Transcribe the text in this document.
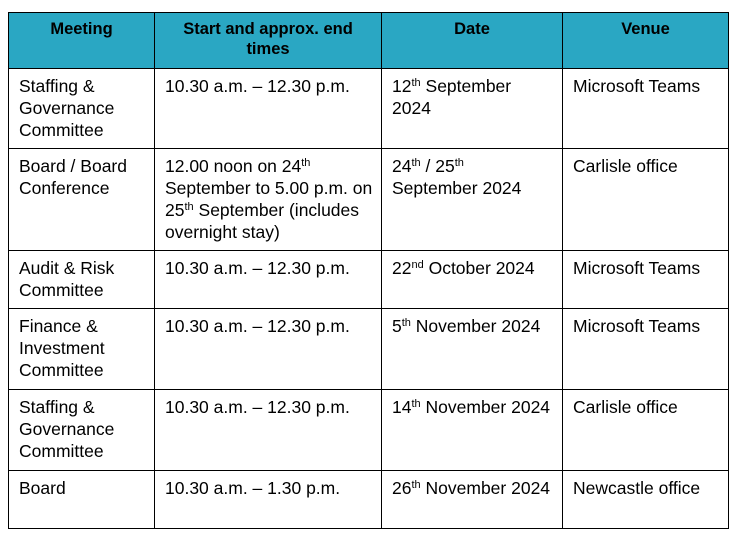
Meeting	Start and approx. end times	Date	Venue
Staffing & Governance Committee	10.30 a.m. – 12.30 p.m.	12th September 2024	Microsoft Teams
Board / Board Conference	12.00 noon on 24th September to 5.00 p.m. on 25th September (includes overnight stay)	24th / 25th September 2024	Carlisle office
Audit & Risk Committee	10.30 a.m. – 12.30 p.m.	22nd October 2024	Microsoft Teams
Finance & Investment Committee	10.30 a.m. – 12.30 p.m.	5th November 2024	Microsoft Teams
Staffing & Governance Committee	10.30 a.m. – 12.30 p.m.	14th November 2024	Carlisle office
Board	10.30 a.m. – 1.30 p.m.	26th November 2024	Newcastle office
